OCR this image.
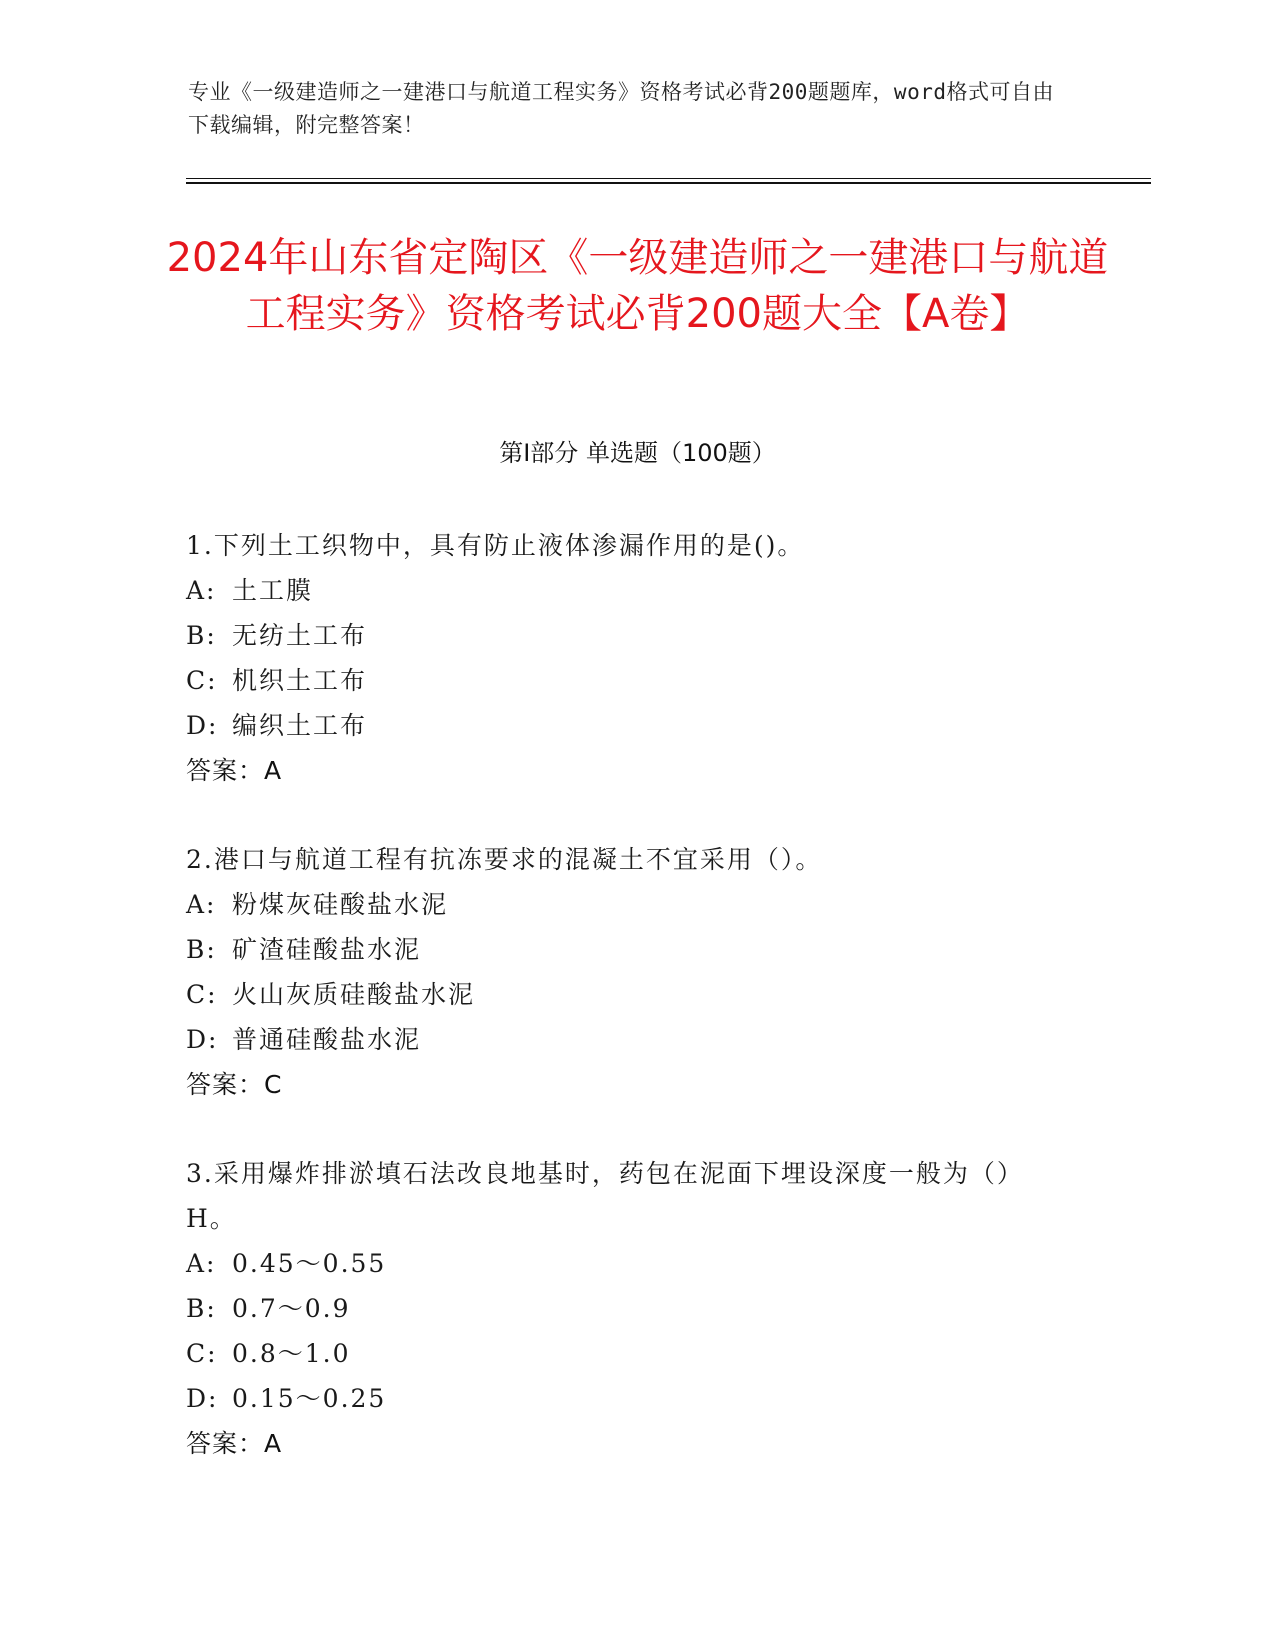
专业《一级建造师之一建港口与航道工程实务》资格考试必背200题题库，word格式可自由下载编辑，附完整答案！
2024年山东省定陶区《一级建造师之一建港口与航道工程实务》资格考试必背200题大全【A卷】
第Ⅰ部分 单选题（100题）
1.下列土工织物中，具有防止液体渗漏作用的是()。
A: 土工膜
B: 无纺土工布
C: 机织土工布
D: 编织土工布
答案：A
2.港口与航道工程有抗冻要求的混凝土不宜采用（）。
A: 粉煤灰硅酸盐水泥
B: 矿渣硅酸盐水泥
C: 火山灰质硅酸盐水泥
D: 普通硅酸盐水泥
答案：C
3.采用爆炸排淤填石法改良地基时，药包在泥面下埋设深度一般为（）H。
A: 0.45～0.55
B: 0.7～0.9
C: 0.8～1.0
D: 0.15～0.25
答案：A
